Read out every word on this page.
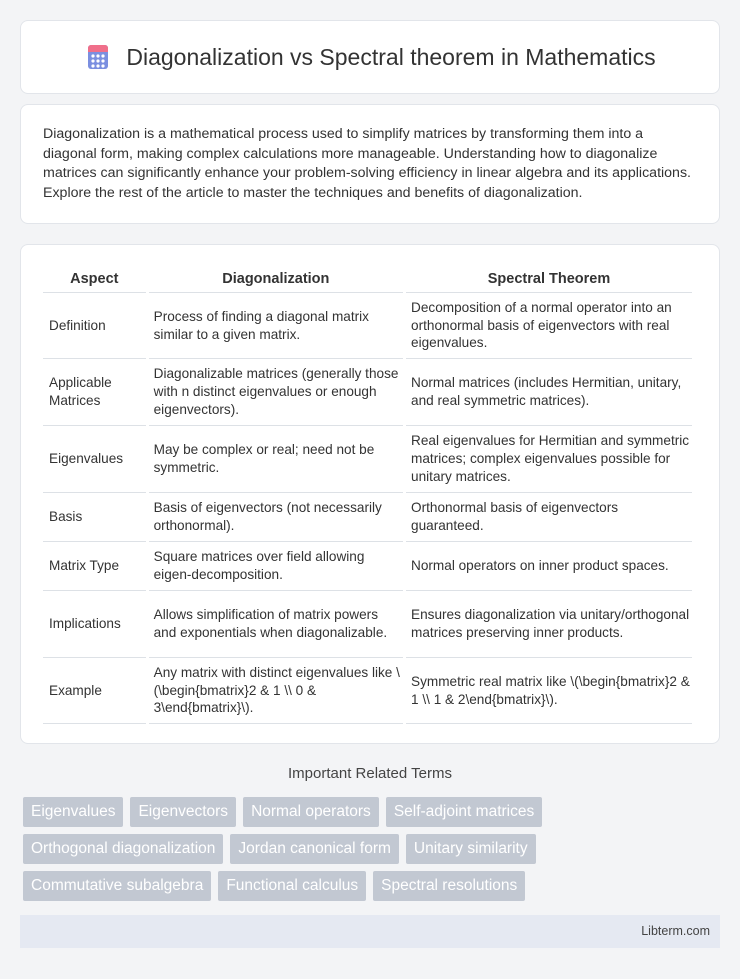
Diagonalization vs Spectral theorem in Mathematics

Diagonalization is a mathematical process used to simplify matrices by transforming them into a diagonal form, making complex calculations more manageable. Understanding how to diagonalize matrices can significantly enhance your problem-solving efficiency in linear algebra and its applications. Explore the rest of the article to master the techniques and benefits of diagonalization.

Aspect	Diagonalization	Spectral Theorem
Definition	Process of finding a diagonal matrix similar to a given matrix.	Decomposition of a normal operator into an orthonormal basis of eigenvectors with real eigenvalues.
Applicable Matrices	Diagonalizable matrices (generally those with n distinct eigenvalues or enough eigenvectors).	Normal matrices (includes Hermitian, unitary, and real symmetric matrices).
Eigenvalues	May be complex or real; need not be symmetric.	Real eigenvalues for Hermitian and symmetric matrices; complex eigenvalues possible for unitary matrices.
Basis	Basis of eigenvectors (not necessarily orthonormal).	Orthonormal basis of eigenvectors guaranteed.
Matrix Type	Square matrices over field allowing eigen-decomposition.	Normal operators on inner product spaces.
Implications	Allows simplification of matrix powers and exponentials when diagonalizable.	Ensures diagonalization via unitary/orthogonal matrices preserving inner products.
Example	Any matrix with distinct eigenvalues like \(\begin{bmatrix}2 & 1 \\ 0 & 3\end{bmatrix}\).	Symmetric real matrix like \(\begin{bmatrix}2 & 1 \\ 1 & 2\end{bmatrix}\).
Important Related Terms
Eigenvalues	Eigenvectors	Normal operators	Self-adjoint matrices
Orthogonal diagonalization	Jordan canonical form	Unitary similarity
Commutative subalgebra	Functional calculus	Spectral resolutions
Libterm.com
